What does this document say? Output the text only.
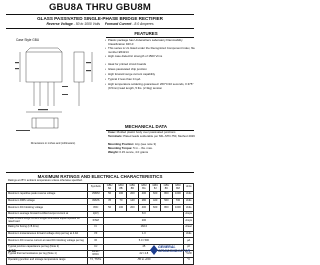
GBU8A THRU GBU8M
GLASS PASSIVATED SINGLE-PHASE BRIDGE RECTIFIER
Reverse Voltage - 50 to 1000 Volts Forward Current - 8.0 Amperes
Case Style GBU
Dimensions in inches and (millimeters)
FEATURES
• Plastic package has Underwriters Laboratory Flammability Classification 94V-0
• This series is UL listed under the Recognized Component Index, file number E54214
• High case dielectric strength of 1500 Vrms
• Ideal for printed circuit boards
• Glass passivated chip junction
• High forward surge current capability
• Typical Ir less than 0.1μA
• High temperature soldering guaranteed: 260°C/10 seconds, 0.375" (9.5mm) lead length, 5 lbs. (2.3kg) tension
MECHANICAL DATA
Case: Molded plastic body over passivated junctions
Terminals: Plated leads solderable per MIL-STD-750, Method 2026
Mounting Position: Any (see note 3)
Mounting Torque: 5 in. - lbs. max.
Weight: 0.15 ounce, 4.0 grams
MAXIMUM RATINGS AND ELECTRICAL CHARACTERISTICS
Ratings at 25°C ambient temperature unless otherwise specified.
	Symbols	GBU 8A	GBU 8B	GBU 8D	GBU 8G	GBU 8J	GBU 8K	GBU 8M	Units
Maximum repetitive peak reverse voltage	VRRM	50	100	200	400	600	800	1000	Volts
Maximum RMS voltage	VRMS	35	70	140	280	420	560	700	Volts
Maximum DC blocking voltage	VDC	50	100	200	400	600	800	1000	Volts
Maximum average forward rectified output current at	I(AV)	8.0							Amps
Peak forward surge current single sine-wave superimposed on rated load	IFSM	200							Amps
Rating for fusing (t<8.3ms)	I²t	166.0							A²sec
Maximum instantaneous forward voltage drop per leg at 4.0A	VF	1.0							Volts
Maximum DC reverse current at rated DC blocking voltage per leg	IR	5.0 / 500							μA
Typical junction capacitance per leg (Note 2)	CJ	45							pF
Typical thermal resistance per leg (Note 1)	RθJA / RθJC	22 / 2.8							°C/W
Operating junction and storage temperature range	TJ, TSTG	-55 to +150							°C
4/98
GENERAL
SEMICONDUCTOR
